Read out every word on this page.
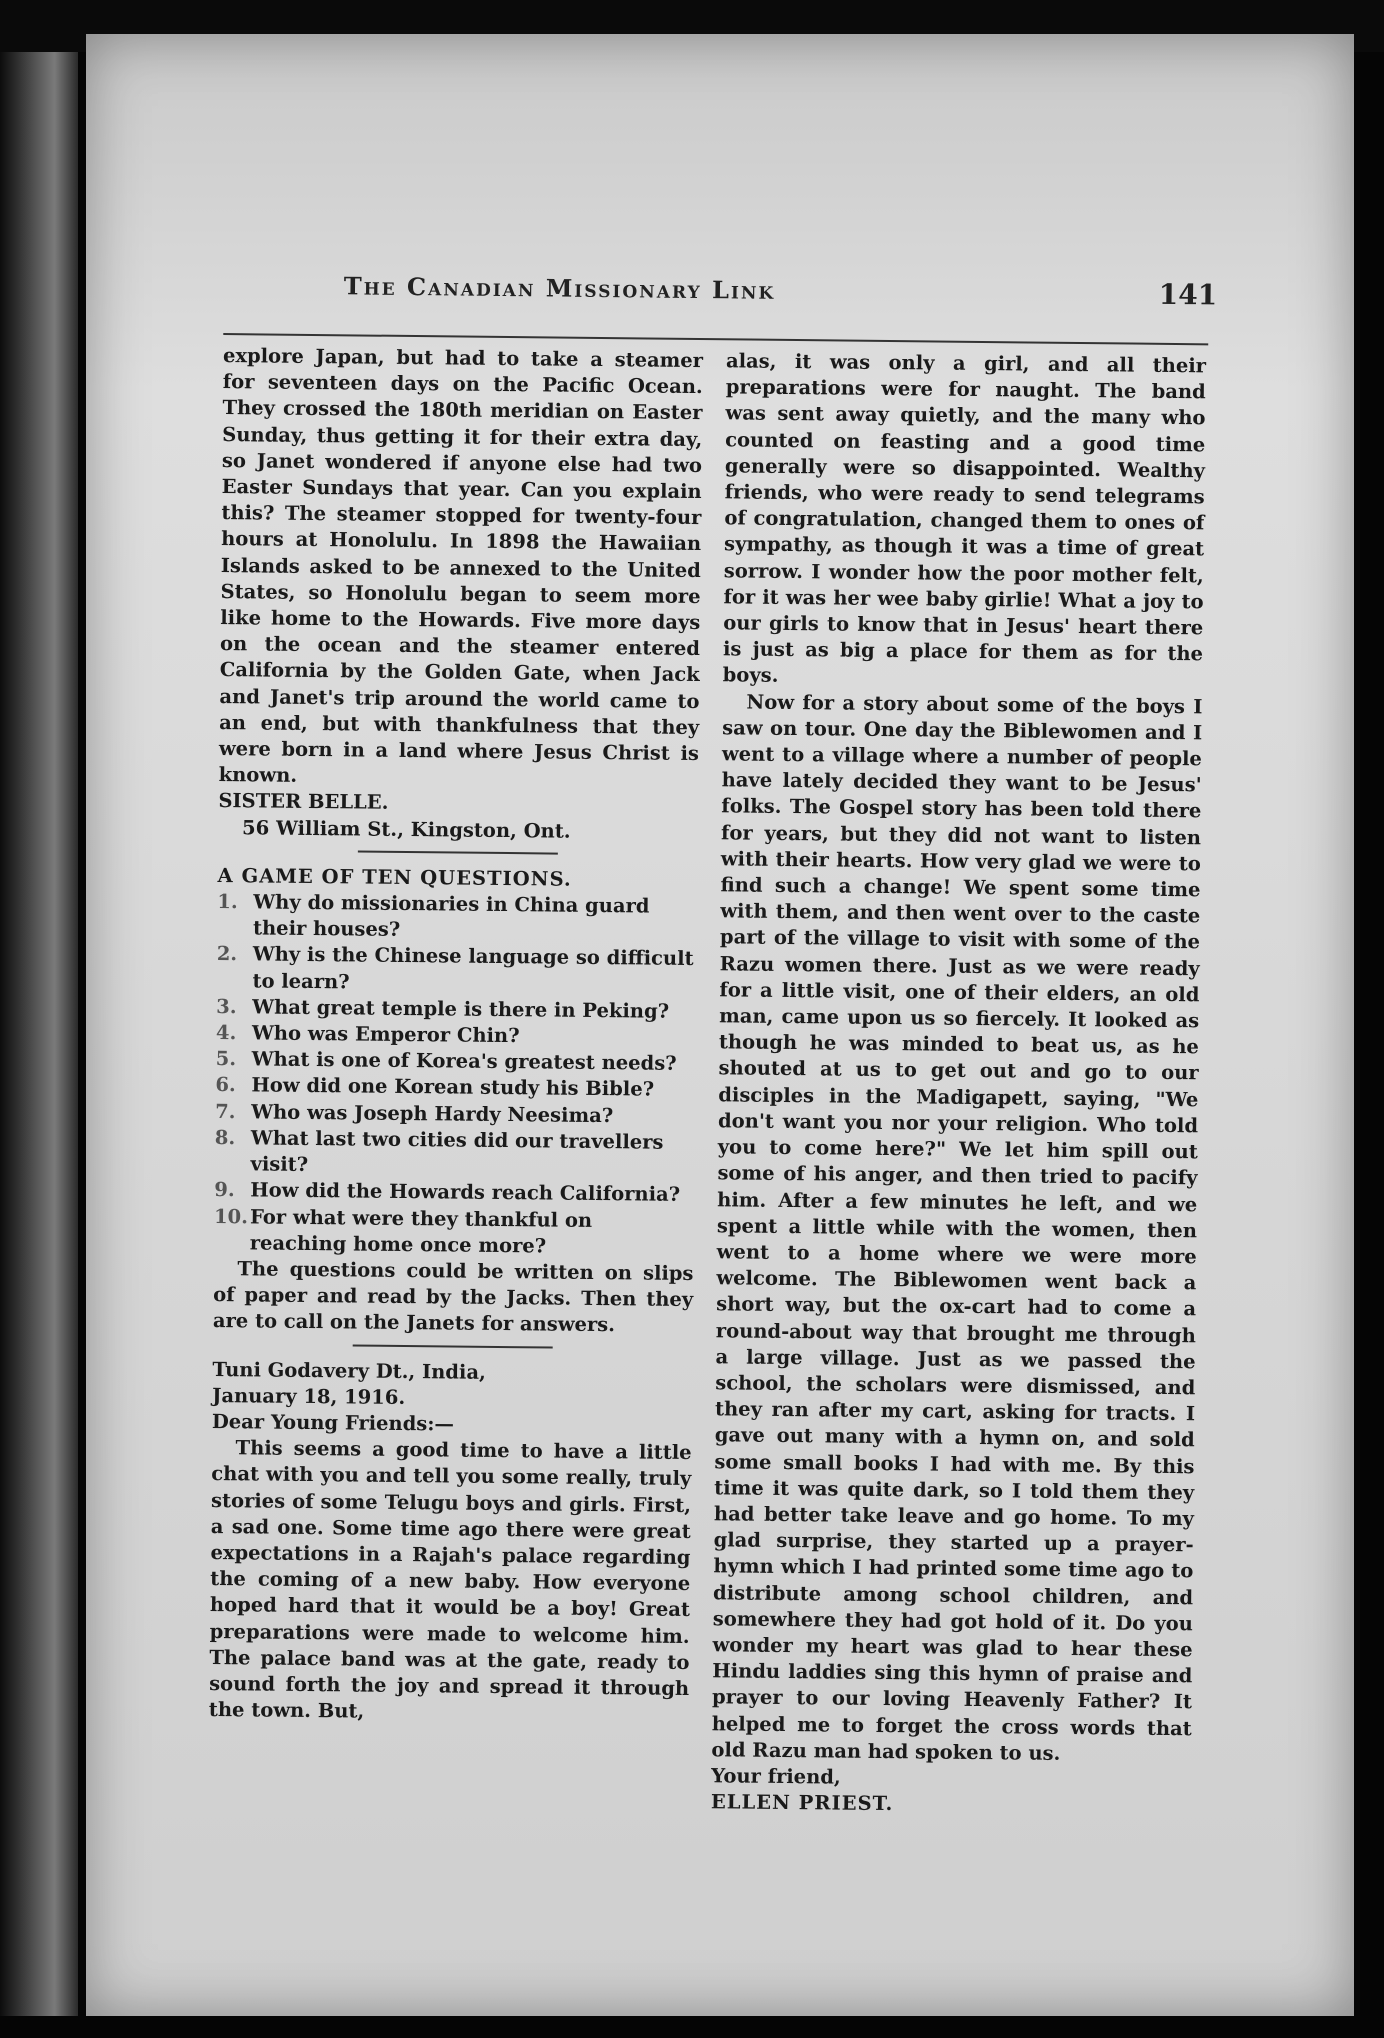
The Canadian Missionary Link	141

explore Japan, but had to take a steamer for seventeen days on the Pacific Ocean. They crossed the 180th meridian on Easter Sunday, thus getting it for their extra day, so Janet wondered if anyone else had two Easter Sundays that year. Can you explain this? The steamer stopped for twenty-four hours at Honolulu. In 1898 the Hawaiian Islands asked to be annexed to the United States, so Honolulu began to seem more like home to the Howards. Five more days on the ocean and the steamer entered California by the Golden Gate, when Jack and Janet's trip around the world came to an end, but with thankfulness that they were born in a land where Jesus Christ is known.

SISTER BELLE.

56 William St., Kingston, Ont.

A GAME OF TEN QUESTIONS.

1. Why do missionaries in China guard their houses?
2. Why is the Chinese language so difficult to learn?
3. What great temple is there in Peking?
4. Who was Emperor Chin?
5. What is one of Korea's greatest needs?
6. How did one Korean study his Bible?
7. Who was Joseph Hardy Neesima?
8. What last two cities did our travellers visit?
9. How did the Howards reach California?
10. For what were they thankful on reaching home once more?

The questions could be written on slips of paper and read by the Jacks. Then they are to call on the Janets for answers.

Tuni Godavery Dt., India,

January 18, 1916.

Dear Young Friends:—

This seems a good time to have a little chat with you and tell you some really, truly stories of some Telugu boys and girls. First, a sad one. Some time ago there were great expectations in a Rajah's palace regarding the coming of a new baby. How everyone hoped hard that it would be a boy! Great preparations were made to welcome him. The palace band was at the gate, ready to sound forth the joy and spread it through the town. But,

alas, it was only a girl, and all their preparations were for naught. The band was sent away quietly, and the many who counted on feasting and a good time generally were so disappointed. Wealthy friends, who were ready to send telegrams of congratulation, changed them to ones of sympathy, as though it was a time of great sorrow. I wonder how the poor mother felt, for it was her wee baby girlie! What a joy to our girls to know that in Jesus' heart there is just as big a place for them as for the boys.

Now for a story about some of the boys I saw on tour. One day the Biblewomen and I went to a village where a number of people have lately decided they want to be Jesus' folks. The Gospel story has been told there for years, but they did not want to listen with their hearts. How very glad we were to find such a change! We spent some time with them, and then went over to the caste part of the village to visit with some of the Razu women there. Just as we were ready for a little visit, one of their elders, an old man, came upon us so fiercely. It looked as though he was minded to beat us, as he shouted at us to get out and go to our disciples in the Madigapett, saying, "We don't want you nor your religion. Who told you to come here?" We let him spill out some of his anger, and then tried to pacify him. After a few minutes he left, and we spent a little while with the women, then went to a home where we were more welcome. The Biblewomen went back a short way, but the ox-cart had to come a round-about way that brought me through a large village. Just as we passed the school, the scholars were dismissed, and they ran after my cart, asking for tracts. I gave out many with a hymn on, and sold some small books I had with me. By this time it was quite dark, so I told them they had better take leave and go home. To my glad surprise, they started up a prayer-hymn which I had printed some time ago to distribute among school children, and somewhere they had got hold of it. Do you wonder my heart was glad to hear these Hindu laddies sing this hymn of praise and prayer to our loving Heavenly Father? It helped me to forget the cross words that old Razu man had spoken to us.

Your friend,

ELLEN PRIEST.
